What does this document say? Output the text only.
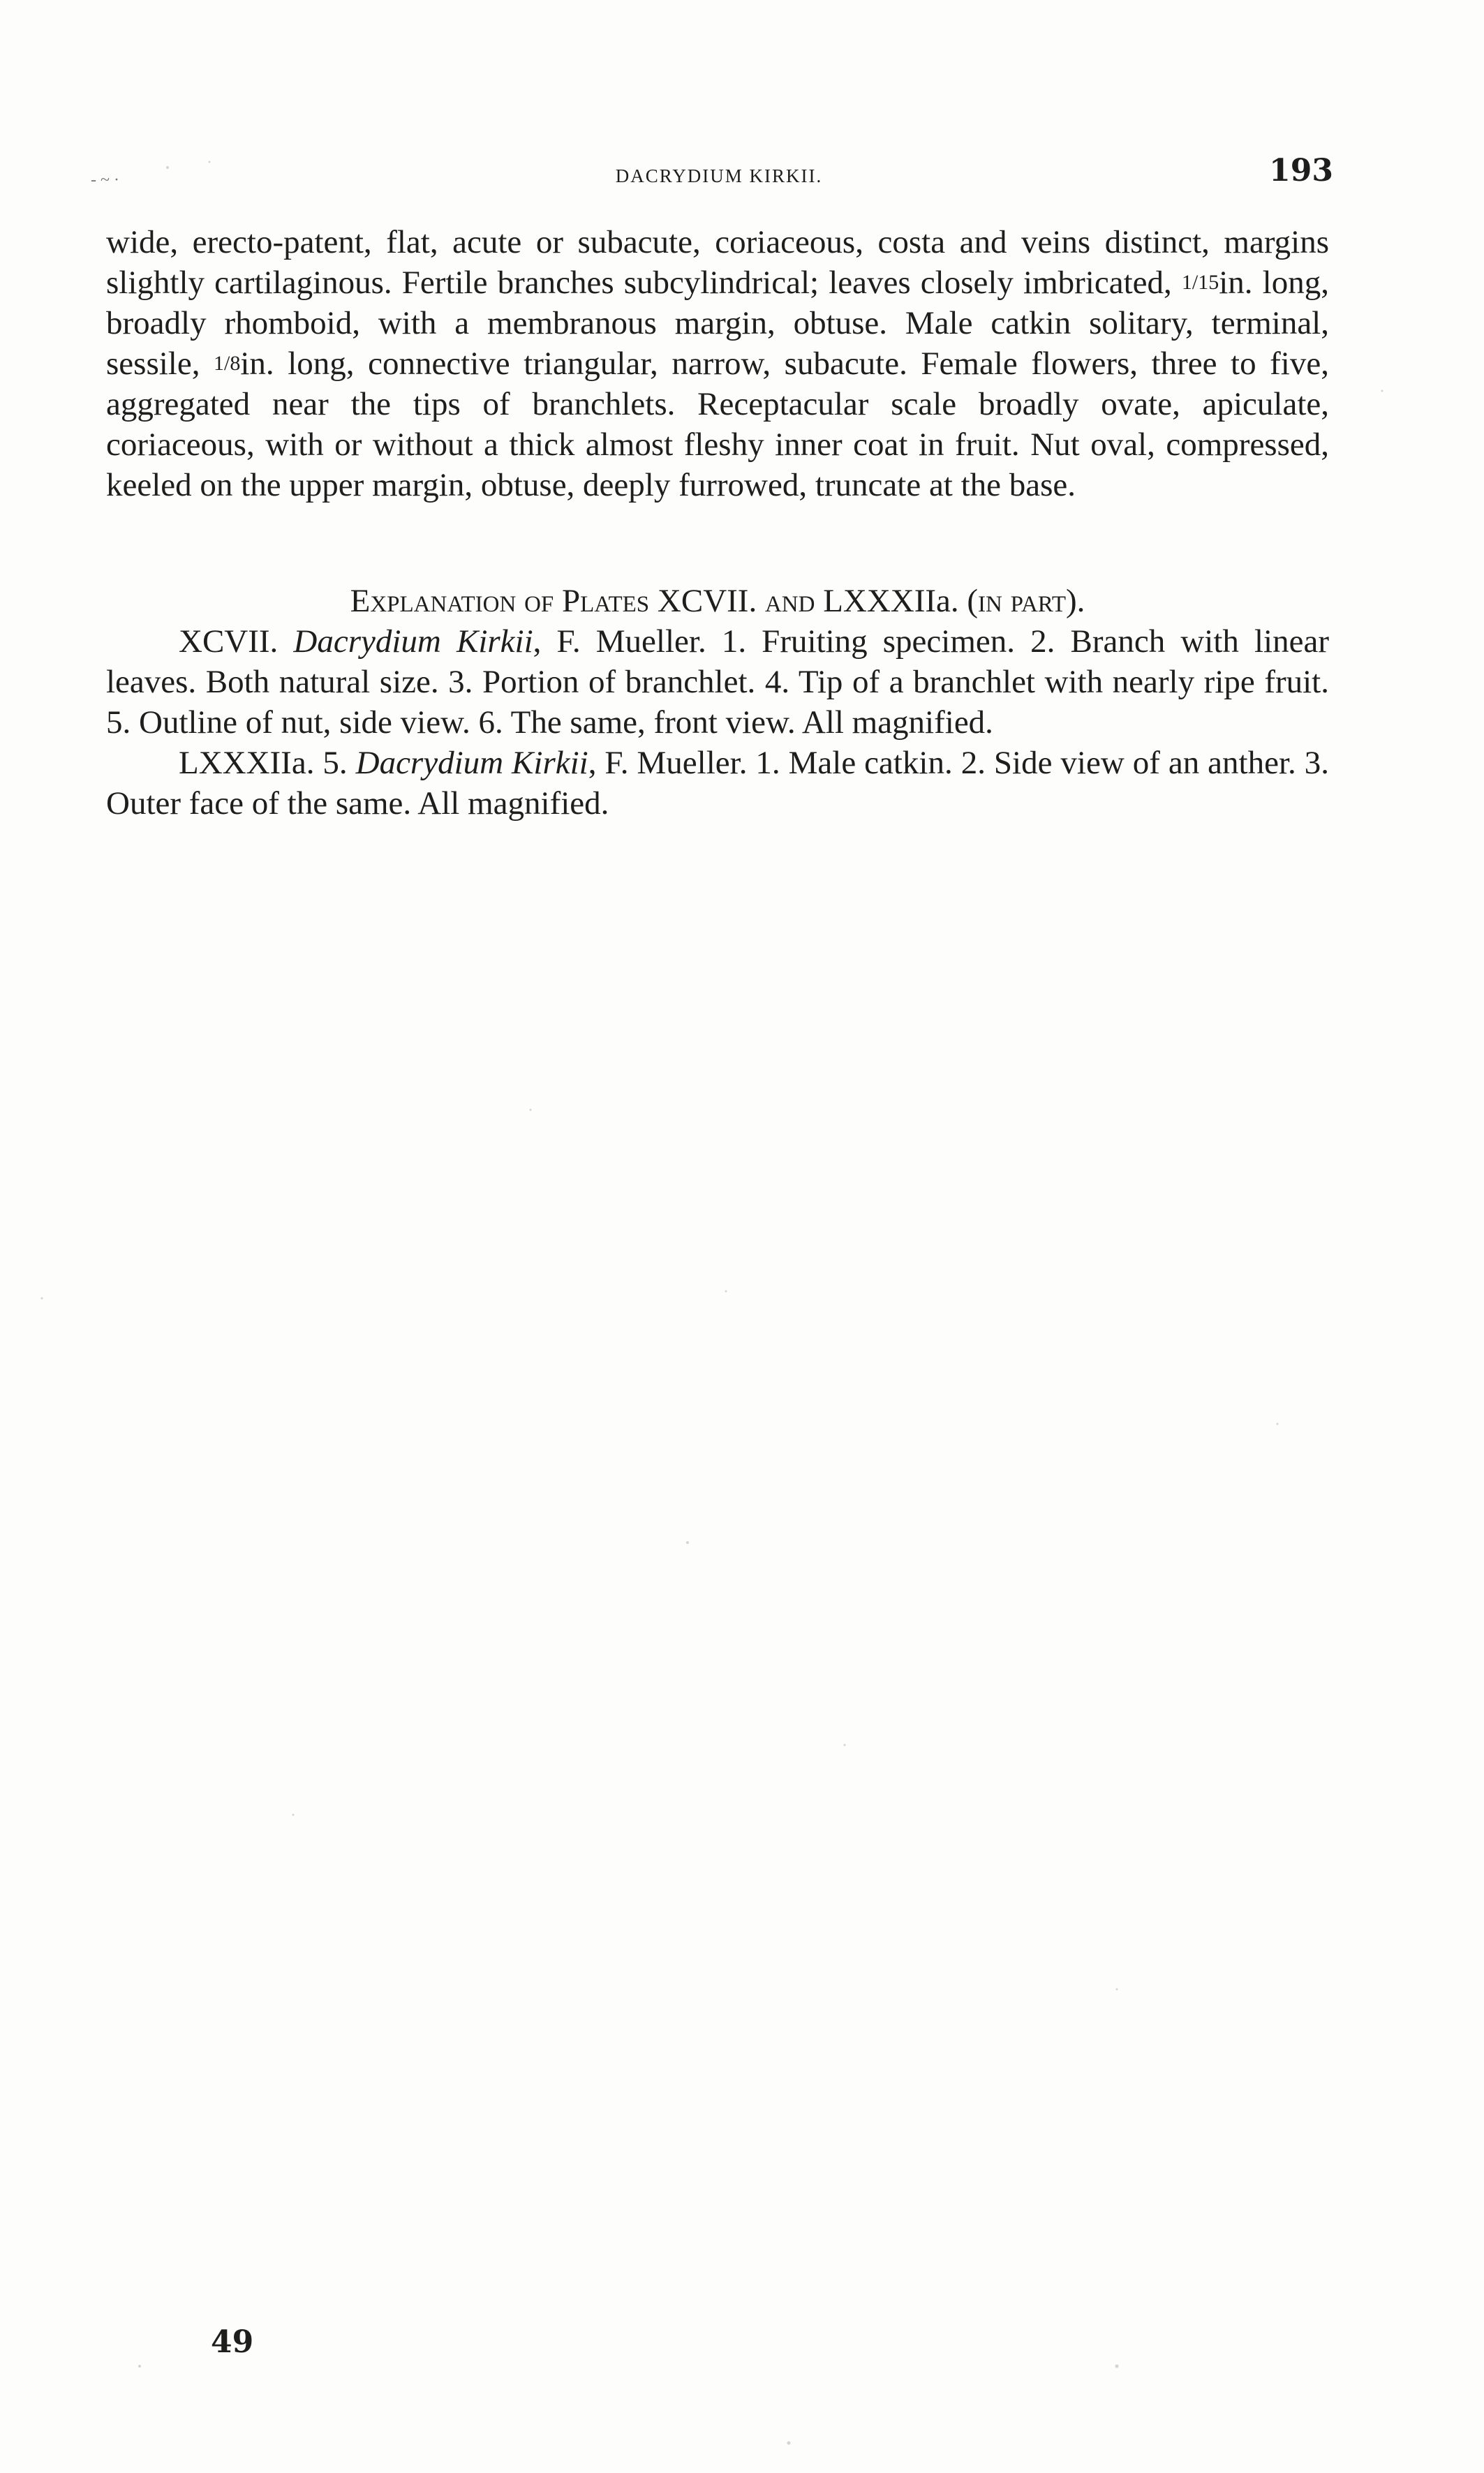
- ~ ·	DACRYDIUM KIRKII.	193

wide, erecto-patent, flat, acute or subacute, coriaceous, costa and veins distinct, margins slightly cartilaginous. Fertile branches subcylindrical; leaves closely imbricated, 1/15in. long, broadly rhomboid, with a membranous margin, obtuse. Male catkin solitary, terminal, sessile, 1/8in. long, connective triangular, narrow, subacute. Female flowers, three to five, aggregated near the tips of branchlets. Receptacular scale broadly ovate, apiculate, coriaceous, with or without a thick almost fleshy inner coat in fruit. Nut oval, compressed, keeled on the upper margin, obtuse, deeply furrowed, truncate at the base.

Explanation of Plates XCVII. and LXXXIIa. (in part).

XCVII. Dacrydium Kirkii, F. Mueller. 1. Fruiting specimen. 2. Branch with linear leaves. Both natural size. 3. Portion of branchlet. 4. Tip of a branchlet with nearly ripe fruit. 5. Outline of nut, side view. 6. The same, front view. All magnified.

LXXXIIa. 5. Dacrydium Kirkii, F. Mueller. 1. Male catkin. 2. Side view of an anther. 3. Outer face of the same. All magnified.

49
